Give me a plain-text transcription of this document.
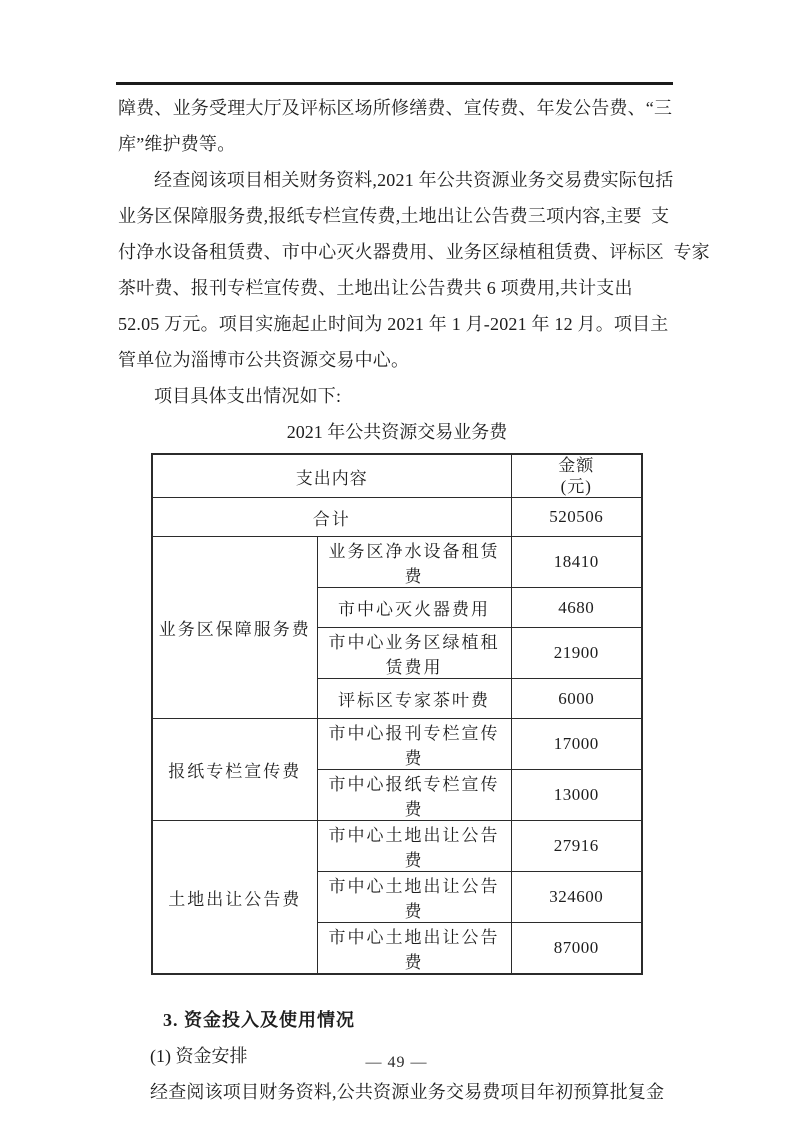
障费、业务受理大厅及评标区场所修缮费、宣传费、年发公告费、“三
库”维护费等。
经查阅该项目相关财务资料,2021 年公共资源业务交易费实际包括
业务区保障服务费,报纸专栏宣传费,土地出让公告费三项内容,主要  支
付净水设备租赁费、市中心灭火器费用、业务区绿植租赁费、评标区  专家
茶叶费、报刊专栏宣传费、土地出让公告费共 6 项费用,共计支出
52.05 万元。项目实施起止时间为 2021 年 1 月-2021 年 12 月。项目主
管单位为淄博市公共资源交易中心。
项目具体支出情况如下:
2021 年公共资源交易业务费
支出内容		金额
(元)

合计		520506
业务区保障服务费	业务区净水设备租赁费	18410
	市中心灭火器费用	4680
	市中心业务区绿植租赁费用	21900
	评标区专家茶叶费	6000
报纸专栏宣传费	市中心报刊专栏宣传费	17000
	市中心报纸专栏宣传费	13000
土地出让公告费	市中心土地出让公告费	27916
	市中心土地出让公告费	324600
	市中心土地出让公告费	87000
3. 资金投入及使用情况
(1) 资金安排
经查阅该项目财务资料,公共资源业务交易费项目年初预算批复金
— 49 —
